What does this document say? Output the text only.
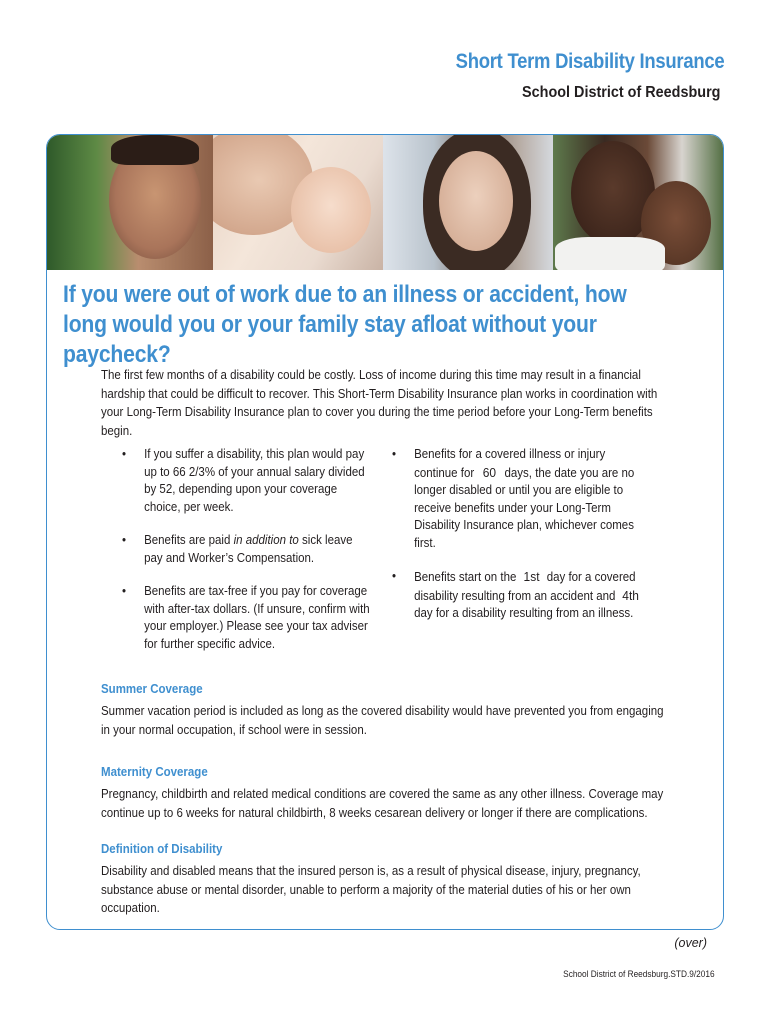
Short Term Disability Insurance
School District of Reedsburg
If you were out of work due to an illness or accident, how long would you or your family stay afloat without your paycheck?
The first few months of a disability could be costly. Loss of income during this time may result in a financial hardship that could be difficult to recover. This Short-Term Disability Insurance plan works in coordination with your Long-Term Disability Insurance plan to cover you during the time period before your Long-Term benefits begin.
• If you suffer a disability, this plan would pay up to 66 2/3% of your annual salary divided by 52, depending upon your coverage choice, per week.
• Benefits are paid in addition to sick leave pay and Worker’s Compensation.
• Benefits are tax-free if you pay for coverage with after-tax dollars. (If unsure, confirm with your employer.) Please see your tax adviser for further specific advice.
• Benefits for a covered illness or injury continue for 60 days, the date you are no longer disabled or until you are eligible to receive benefits under your Long-Term Disability Insurance plan, whichever comes first.
• Benefits start on the 1st day for a covered disability resulting from an accident and 4th day for a disability resulting from an illness.
Summer Coverage
Summer vacation period is included as long as the covered disability would have prevented you from engaging in your normal occupation, if school were in session.
Maternity Coverage
Pregnancy, childbirth and related medical conditions are covered the same as any other illness. Coverage may continue up to 6 weeks for natural childbirth, 8 weeks cesarean delivery or longer if there are complications.
Definition of Disability
Disability and disabled means that the insured person is, as a result of physical disease, injury, pregnancy, substance abuse or mental disorder, unable to perform a majority of the material duties of his or her own occupation.
(over)
School District of Reedsburg.STD.9/2016
